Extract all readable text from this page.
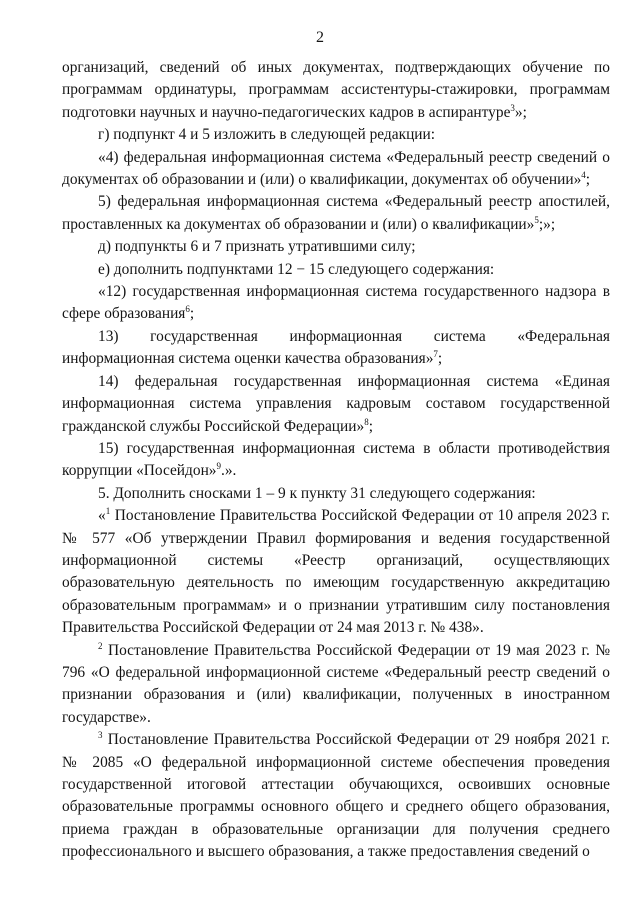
2

организаций, сведений об иных документах, подтверждающих обучение по программам ординатуры, программам ассистентуры-стажировки, программам подготовки научных и научно-педагогических кадров в аспирантуре$^3$»;

г) подпункт 4 и 5 изложить в следующей редакции:

«4) федеральная информационная система «Федеральный реестр сведений о документах об образовании и (или) о квалификации, документах об обучении»$^4$;

5) федеральная информационная система «Федеральный реестр апостилей, проставленных ка документах об образовании и (или) о квалификации»$^5$;»;

д) подпункты 6 и 7 признать утратившими силу;

е) дополнить подпунктами 12 − 15 следующего содержания:

«12) государственная информационная система государственного надзора в сфере образования$^6$;

13) государственная информационная система «Федеральная информационная система оценки качества образования»$^7$;

14) федеральная государственная информационная система «Единая информационная система управления кадровым составом государственной гражданской службы Российской Федерации»$^8$;

15) государственная информационная система в области противодействия коррупции «Посейдон»$^9$.».

5. Дополнить сносками 1 – 9 к пункту 31 следующего содержания:

«$^1$ Постановление Правительства Российской Федерации от 10 апреля 2023 г. № 577 «Об утверждении Правил формирования и ведения государственной информационной системы «Реестр организаций, осуществляющих образовательную деятельность по имеющим государственную аккредитацию образовательным программам» и о признании утратившим силу постановления Правительства Российской Федерации от 24 мая 2013 г. № 438».

$^2$ Постановление Правительства Российской Федерации от 19 мая 2023 г. № 796 «О федеральной информационной системе «Федеральный реестр сведений о признании образования и (или) квалификации, полученных в иностранном государстве».

$^3$ Постановление Правительства Российской Федерации от 29 ноября 2021 г. № 2085 «О федеральной информационной системе обеспечения проведения государственной итоговой аттестации обучающихся, освоивших основные образовательные программы основного общего и среднего общего образования, приема граждан в образовательные организации для получения среднего профессионального и высшего образования, а также предоставления сведений о
